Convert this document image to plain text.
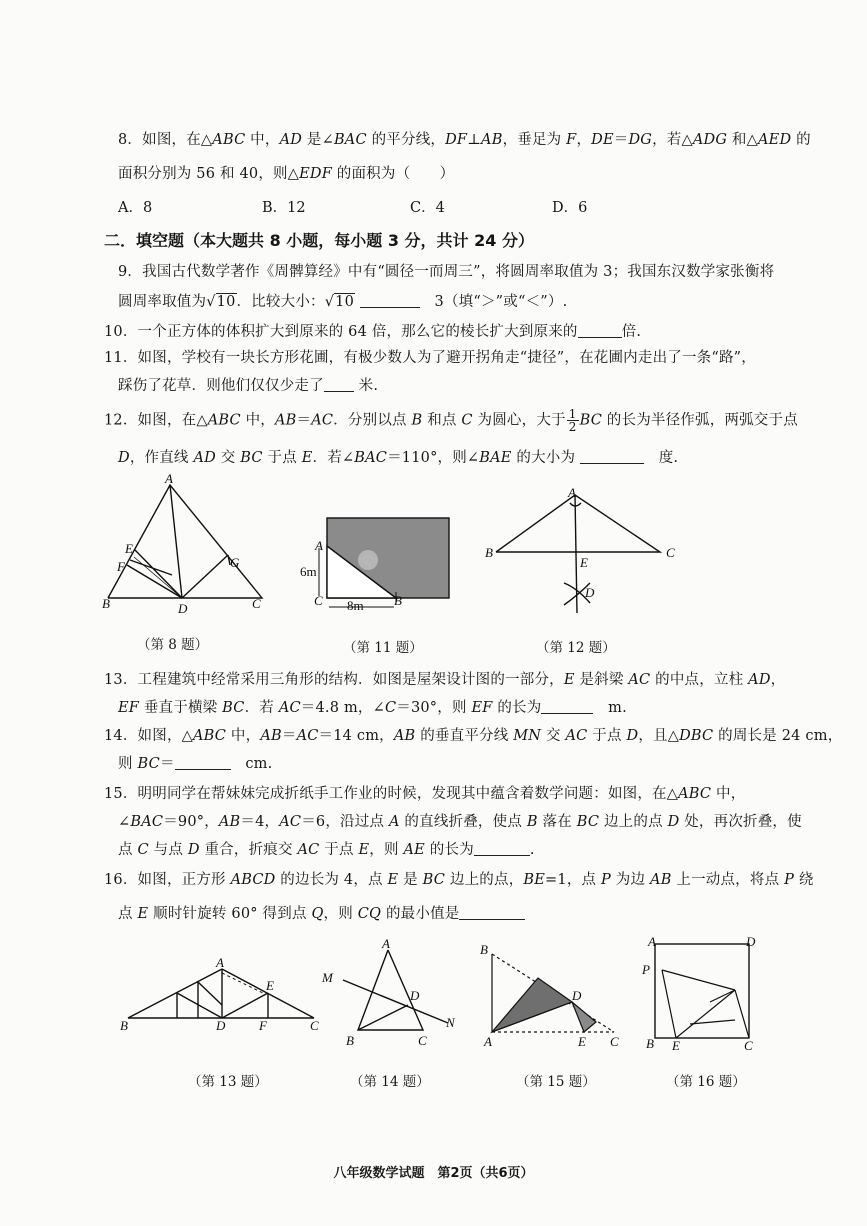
8．如图，在△ABC 中，AD 是∠BAC 的平分线，DF⊥AB，垂足为 F，DE＝DG，若△ADG 和△AED 的
面积分别为 56 和 40，则△EDF 的面积为（　　）
A．8	B．12	C．4	D．6
二．填空题（本大题共 8 小题，每小题 3 分，共计 24 分）
9．我国古代数学著作《周髀算经》中有“圆径一而周三”，将圆周率取值为 3；我国东汉数学家张衡将
圆周率取值为√10．比较大小：√10 　	3（填“＞”或“＜”）.
10．一个正方体的体积扩大到原来的 64 倍，那么它的棱长扩大到原来的	倍.
11．如图，学校有一块长方形花圃，有极少数人为了避开拐角走“捷径”，在花圃内走出了一条“路”，
踩伤了花草．则他们仅仅少走了 米.
12．如图，在△ABC 中，AB＝AC．分别以点 B 和点 C 为圆心，大于 $\frac{1}{2}$ BC 的长为半径作弧，两弧交于点
D，作直线 AD 交 BC 于点 E．若∠BAC＝110°，则∠BAE 的大小为 　	度.
A
B	C
D
E
F	G
A
B
C
6m
8m
A
B	C
E
D
（第 8 题）	（第 11 题）	（第 12 题）
13．工程建筑中经常采用三角形的结构．如图是屋架设计图的一部分，E 是斜梁 AC 的中点，立柱 AD，
EF 垂直于横梁 BC．若 AC＝4.8 m，∠C＝30°，则 EF 的长为　	m.
14．如图，△ABC 中，AB＝AC＝14 cm，AB 的垂直平分线 MN 交 AC 于点 D，且△DBC 的周长是 24 cm，
则 BC＝　	cm.
15．明明同学在帮妹妹完成折纸手工作业的时候，发现其中蕴含着数学问题：如图，在△ABC 中，
∠BAC＝90°，AB＝4，AC＝6，沿过点 A 的直线折叠，使点 B 落在 BC 边上的点 D 处，再次折叠，使
点 C 与点 D 重合，折痕交 AC 于点 E，则 AE 的长为	.
16．如图，正方形 ABCD 的边长为 4，点 E 是 BC 边上的点，BE=1，点 P 为边 AB 上一动点，将点 P 绕
点 E 顺时针旋转 60° 得到点 Q，则 CQ 的最小值是
A
B	C
D
E
F
A
B	C
D
M
N
A
B
C
D
E
A
B	C
D
E
P
（第 13 题）	（第 14 题）	（第 15 题）	（第 16 题）
八年级数学试题　第2页（共6页）
